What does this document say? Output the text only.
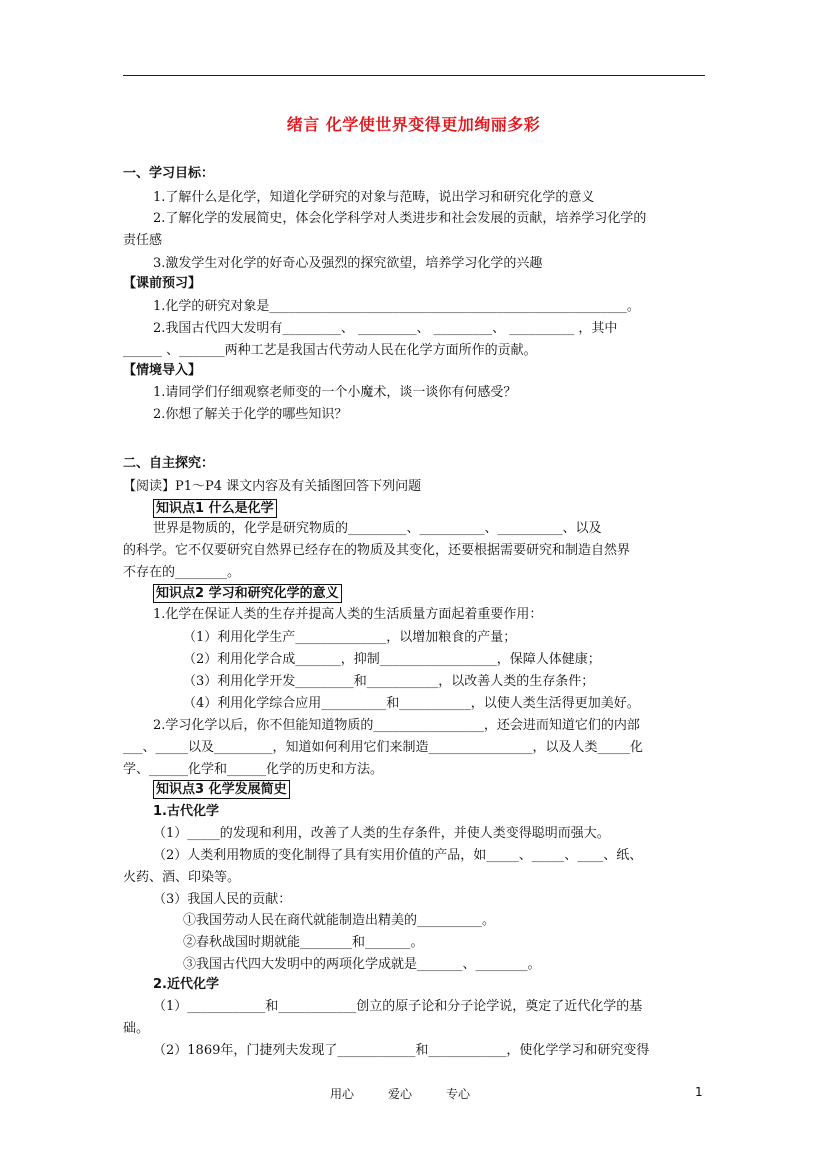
绪言 化学使世界变得更加绚丽多彩
一、学习目标：
1.了解什么是化学，知道化学研究的对象与范畴，说出学习和研究化学的意义
2.了解化学的发展简史，体会化学科学对人类进步和社会发展的贡献，培养学习化学的
责任感
3.激发学生对化学的好奇心及强烈的探究欲望，培养学习化学的兴趣
【课前预习】
1.化学的研究对象是_______________________________________________________。
2.我国古代四大发明有_________、 _________、 _________、 __________ ，其中
______ 、_______两种工艺是我国古代劳动人民在化学方面所作的贡献。
【情境导入】
1.请同学们仔细观察老师变的一个小魔术，谈一谈你有何感受？
2.你想了解关于化学的哪些知识？
二、自主探究：
【阅读】P1～P4 课文内容及有关插图回答下列问题
知识点1 什么是化学
世界是物质的，化学是研究物质的_________、__________、__________、以及
的科学。它不仅要研究自然界已经存在的物质及其变化，还要根据需要研究和制造自然界
不存在的________。
知识点2 学习和研究化学的意义
1.化学在保证人类的生存并提高人类的生活质量方面起着重要作用：
（1）利用化学生产______________，以增加粮食的产量；
（2）利用化学合成_______，抑制__________________，保障人体健康；
（3）利用化学开发_________和___________，以改善人类的生存条件；
（4）利用化学综合应用__________和___________，以使人类生活得更加美好。
2.学习化学以后，你不但能知道物质的_________________，还会进而知道它们的内部
___、_____以及_________，知道如何利用它们来制造________________，以及人类_____化
学、______化学和______化学的历史和方法。
知识点3 化学发展简史
1.古代化学
（1）_____的发现和利用，改善了人类的生存条件，并使人类变得聪明而强大。
（2）人类利用物质的变化制得了具有实用价值的产品，如_____、_____、____、纸、
火药、酒、印染等。
（3）我国人民的贡献：
①我国劳动人民在商代就能制造出精美的__________。
②春秋战国时期就能________和_______。
③我国古代四大发明中的两项化学成就是_______、________。
2.近代化学
（1）____________和____________创立的原子论和分子论学说，奠定了近代化学的基
础。
（2）1869年，门捷列夫发现了____________和____________，使化学学习和研究变得
用心	爱心	专心	1
